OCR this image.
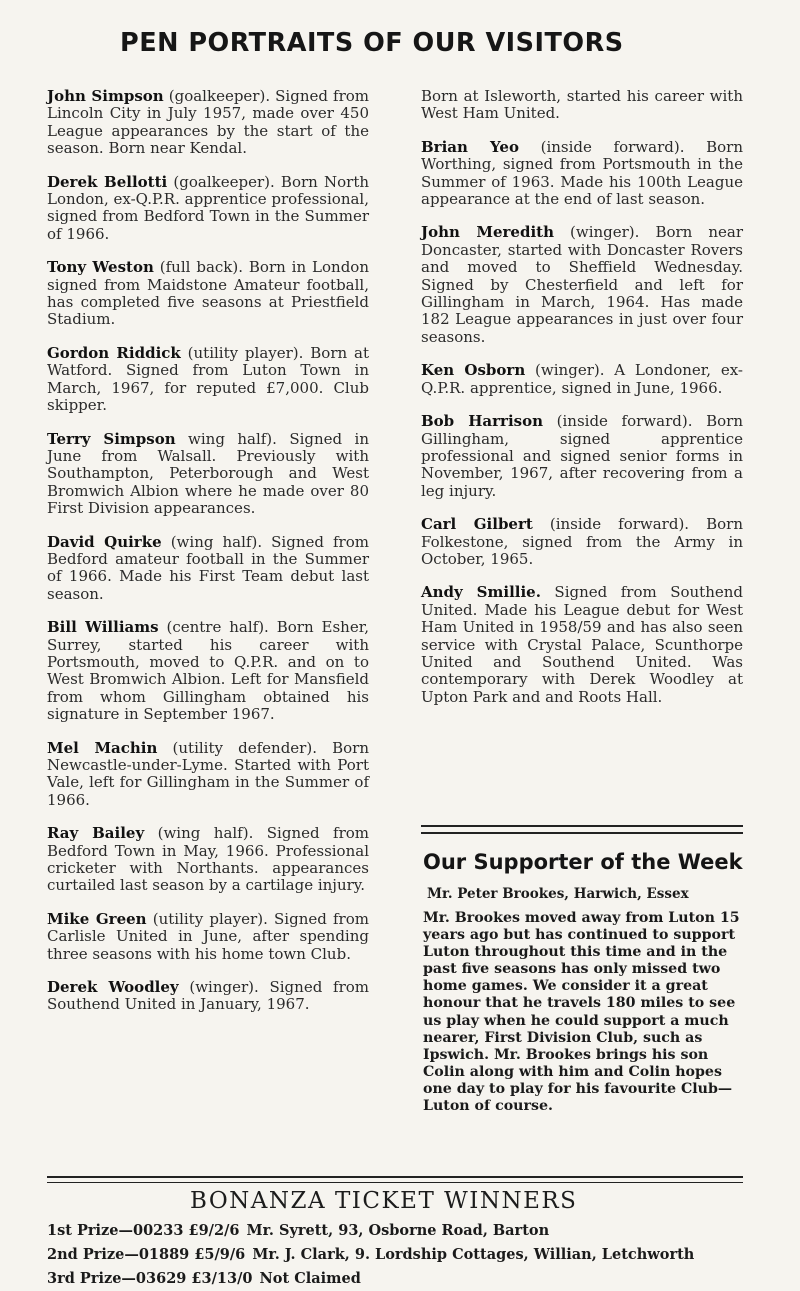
PEN PORTRAITS OF OUR VISITORS

John Simpson (goalkeeper). Signed from Lincoln City in July 1957, made over 450 League appearances by the start of the season. Born near Kendal.

Derek Bellotti (goalkeeper). Born North London, ex-Q.P.R. apprentice professional, signed from Bedford Town in the Summer of 1966.

Tony Weston (full back). Born in London signed from Maidstone Amateur football, has completed five seasons at Priestfield Stadium.

Gordon Riddick (utility player). Born at Watford. Signed from Luton Town in March, 1967, for reputed £7,000. Club skipper.

Terry Simpson wing half). Signed in June from Walsall. Previously with Southampton, Peterborough and West Bromwich Albion where he made over 80 First Division appearances.

David Quirke (wing half). Signed from Bedford amateur football in the Summer of 1966. Made his First Team debut last season.

Bill Williams (centre half). Born Esher, Surrey, started his career with Portsmouth, moved to Q.P.R. and on to West Bromwich Albion. Left for Mansfield from whom Gillingham obtained his signature in September 1967.

Mel Machin (utility defender). Born Newcastle-under-Lyme. Started with Port Vale, left for Gillingham in the Summer of 1966.

Ray Bailey (wing half). Signed from Bedford Town in May, 1966. Professional cricketer with Northants. appearances curtailed last season by a cartilage injury.

Mike Green (utility player). Signed from Carlisle United in June, after spending three seasons with his home town Club.

Derek Woodley (winger). Signed from Southend United in January, 1967.

Born at Isleworth, started his career with West Ham United.

Brian Yeo (inside forward). Born Worthing, signed from Portsmouth in the Summer of 1963. Made his 100th League appearance at the end of last season.

John Meredith (winger). Born near Doncaster, started with Doncaster Rovers and moved to Sheffield Wednesday. Signed by Chesterfield and left for Gillingham in March, 1964. Has made 182 League appearances in just over four seasons.

Ken Osborn (winger). A Londoner, ex-Q.P.R. apprentice, signed in June, 1966.

Bob Harrison (inside forward). Born Gillingham, signed apprentice professional and signed senior forms in November, 1967, after recovering from a leg injury.

Carl Gilbert (inside forward). Born Folkestone, signed from the Army in October, 1965.

Andy Smillie. Signed from Southend United. Made his League debut for West Ham United in 1958/59 and has also seen service with Crystal Palace, Scunthorpe United and Southend United. Was contemporary with Derek Woodley at Upton Park and and Roots Hall.

Our Supporter of the Week
Mr. Peter Brookes, Harwich, Essex
Mr. Brookes moved away from Luton 15 years ago but has continued to support Luton throughout this time and in the past five seasons has only missed two home games. We consider it a great honour that he travels 180 miles to see us play when he could support a much nearer, First Division Club, such as Ipswich. Mr. Brookes brings his son Colin along with him and Colin hopes one day to play for his favourite Club—Luton of course.
BONANZA TICKET WINNERS
1st Prize—00233 £9/2/6 Mr. Syrett, 93, Osborne Road, Barton
2nd Prize—01889 £5/9/6 Mr. J. Clark, 9. Lordship Cottages, Willian, Letchworth
3rd Prize—03629 £3/13/0 Not Claimed
